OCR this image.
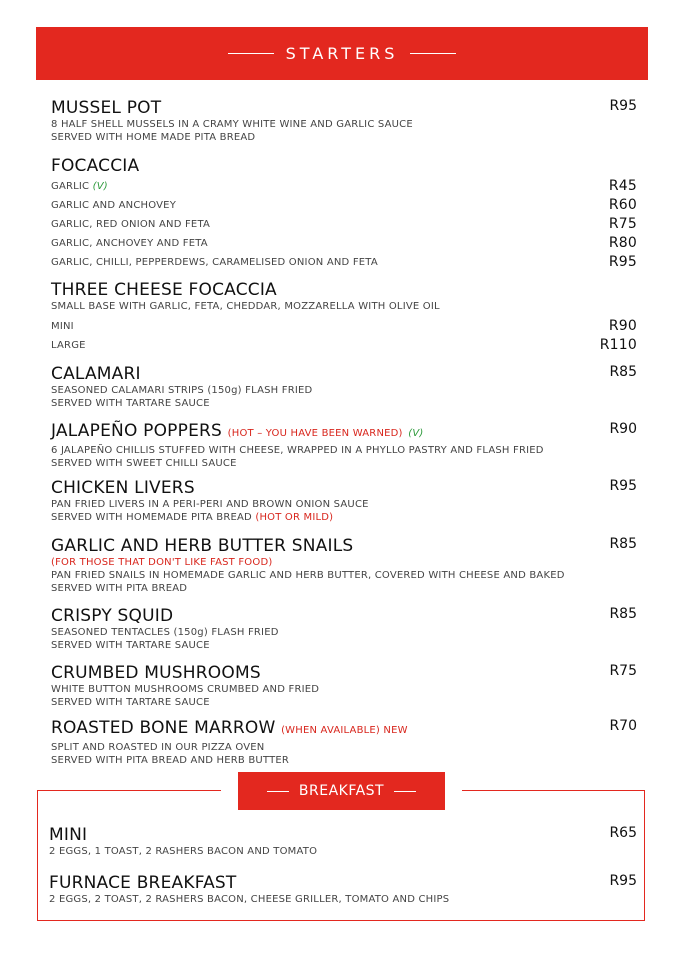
STARTERS
MUSSEL POT	R95
8 HALF SHELL MUSSELS IN A CRAMY WHITE WINE AND GARLIC SAUCE
SERVED WITH HOME MADE PITA BREAD
FOCACCIA
GARLIC (V)	R45
GARLIC AND ANCHOVEY	R60
GARLIC, RED ONION AND FETA	R75
GARLIC, ANCHOVEY AND FETA	R80
GARLIC, CHILLI, PEPPERDEWS, CARAMELISED ONION AND FETA	R95
THREE CHEESE FOCACCIA
SMALL BASE WITH GARLIC, FETA, CHEDDAR, MOZZARELLA WITH OLIVE OIL
MINI	R90
LARGE	R110
CALAMARI	R85
SEASONED CALAMARI STRIPS (150g) FLASH FRIED
SERVED WITH TARTARE SAUCE
JALAPEÑO POPPERS (HOT – YOU HAVE BEEN WARNED) (V)	R90
6 JALAPEÑO CHILLIS STUFFED WITH CHEESE, WRAPPED IN A PHYLLO PASTRY AND FLASH FRIED
SERVED WITH SWEET CHILLI SAUCE
CHICKEN LIVERS	R95
PAN FRIED LIVERS IN A PERI-PERI AND BROWN ONION SAUCE
SERVED WITH HOMEMADE PITA BREAD (HOT OR MILD)
GARLIC AND HERB BUTTER SNAILS	R85
(FOR THOSE THAT DON'T LIKE FAST FOOD)
PAN FRIED SNAILS IN HOMEMADE GARLIC AND HERB BUTTER, COVERED WITH CHEESE AND BAKED
SERVED WITH PITA BREAD
CRISPY SQUID	R85
SEASONED TENTACLES (150g) FLASH FRIED
SERVED WITH TARTARE SAUCE
CRUMBED MUSHROOMS	R75
WHITE BUTTON MUSHROOMS CRUMBED AND FRIED
SERVED WITH TARTARE SAUCE
ROASTED BONE MARROW (WHEN AVAILABLE) NEW	R70
SPLIT AND ROASTED IN OUR PIZZA OVEN
SERVED WITH PITA BREAD AND HERB BUTTER
BREAKFAST
MINI	R65
2 EGGS, 1 TOAST, 2 RASHERS BACON AND TOMATO
FURNACE BREAKFAST	R95
2 EGGS, 2 TOAST, 2 RASHERS BACON, CHEESE GRILLER, TOMATO AND CHIPS
